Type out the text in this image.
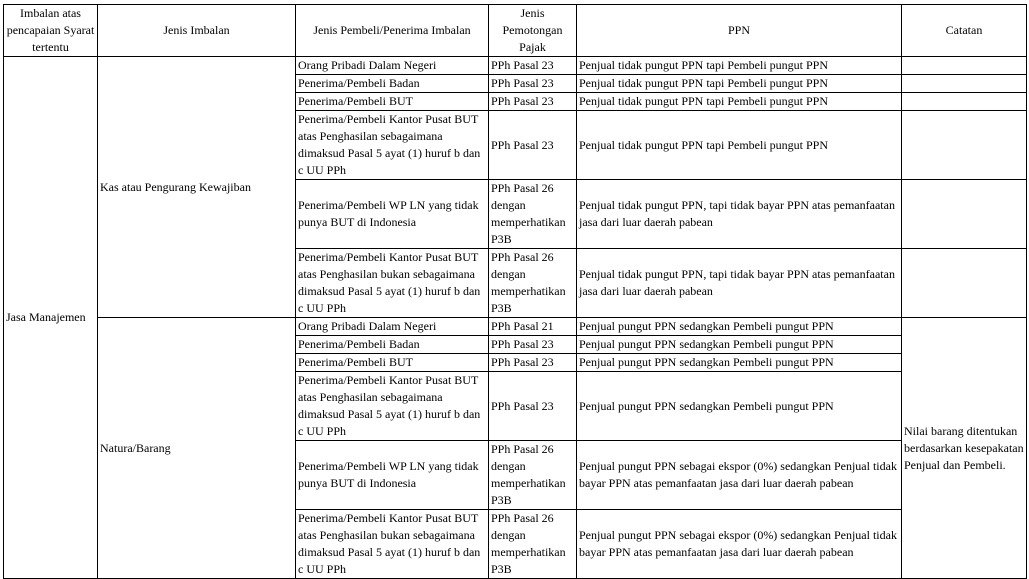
Imbalan atas pencapaian Syarat tertentu	Jenis Imbalan	Jenis Pembeli/Penerima Imbalan	Jenis Pemotongan Pajak	PPN	Catatan
Jasa Manajemen	Kas atau Pengurang Kewajiban	Orang Pribadi Dalam Negeri	PPh Pasal 23	Penjual tidak pungut PPN tapi Pembeli pungut PPN	
		Penerima/Pembeli Badan	PPh Pasal 23	Penjual tidak pungut PPN tapi Pembeli pungut PPN	
		Penerima/Pembeli BUT	PPh Pasal 23	Penjual tidak pungut PPN tapi Pembeli pungut PPN	
		Penerima/Pembeli Kantor Pusat BUT atas Penghasilan sebagaimana dimaksud Pasal 5 ayat (1) huruf b dan c UU PPh	PPh Pasal 23	Penjual tidak pungut PPN tapi Pembeli pungut PPN	
		Penerima/Pembeli WP LN yang tidak punya BUT di Indonesia	PPh Pasal 26 dengan memperhatikan P3B	Penjual tidak pungut PPN, tapi tidak bayar PPN atas pemanfaatan jasa dari luar daerah pabean	
		Penerima/Pembeli Kantor Pusat BUT atas Penghasilan bukan sebagaimana dimaksud Pasal 5 ayat (1) huruf b dan c UU PPh	PPh Pasal 26 dengan memperhatikan P3B	Penjual tidak pungut PPN, tapi tidak bayar PPN atas pemanfaatan jasa dari luar daerah pabean	
	Natura/Barang	Orang Pribadi Dalam Negeri	PPh Pasal 21	Penjual pungut PPN sedangkan Pembeli pungut PPN	Nilai barang ditentukan berdasarkan kesepakatan Penjual dan Pembeli.
		Penerima/Pembeli Badan	PPh Pasal 23	Penjual pungut PPN sedangkan Pembeli pungut PPN	
		Penerima/Pembeli BUT	PPh Pasal 23	Penjual pungut PPN sedangkan Pembeli pungut PPN	
		Penerima/Pembeli Kantor Pusat BUT atas Penghasilan sebagaimana dimaksud Pasal 5 ayat (1) huruf b dan c UU PPh	PPh Pasal 23	Penjual pungut PPN sedangkan Pembeli pungut PPN	
		Penerima/Pembeli WP LN yang tidak punya BUT di Indonesia	PPh Pasal 26 dengan memperhatikan P3B	Penjual pungut PPN sebagai ekspor (0%) sedangkan Penjual tidak bayar PPN atas pemanfaatan jasa dari luar daerah pabean	
		Penerima/Pembeli Kantor Pusat BUT atas Penghasilan bukan sebagaimana dimaksud Pasal 5 ayat (1) huruf b dan c UU PPh	PPh Pasal 26 dengan memperhatikan P3B	Penjual pungut PPN sebagai ekspor (0%) sedangkan Penjual tidak bayar PPN atas pemanfaatan jasa dari luar daerah pabean	
